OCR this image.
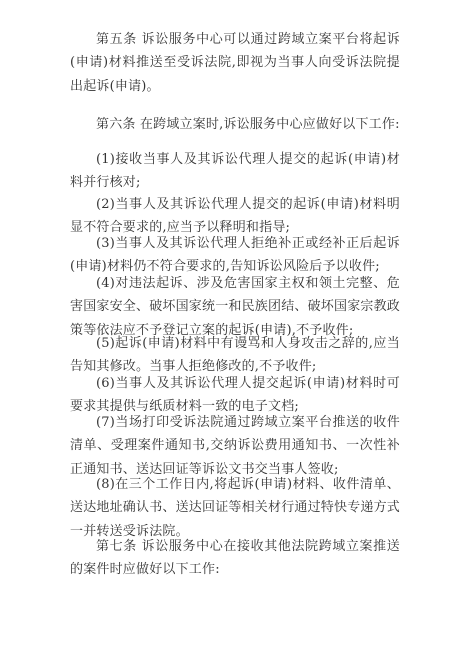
第五条 诉讼服务中心可以通过跨域立案平台将起诉(申请)材料推送至受诉法院,即视为当事人向受诉法院提出起诉(申请)。

第六条 在跨域立案时,诉讼服务中心应做好以下工作:

(1)接收当事人及其诉讼代理人提交的起诉(申请)材料并行核对;

(2)当事人及其诉讼代理人提交的起诉(申请)材料明显不符合要求的,应当予以释明和指导;

(3)当事人及其诉讼代理人拒绝补正或经补正后起诉(申请)材料仍不符合要求的,告知诉讼风险后予以收件;

(4)对违法起诉、涉及危害国家主权和领土完整、危害国家安全、破坏国家统一和民族团结、破坏国家宗教政策等依法应不予登记立案的起诉(申请),不予收件;

(5)起诉(申请)材料中有谩骂和人身攻击之辞的,应当告知其修改。当事人拒绝修改的,不予收件;

(6)当事人及其诉讼代理人提交起诉(申请)材料时可要求其提供与纸质材料一致的电子文档;

(7)当场打印受诉法院通过跨域立案平台推送的收件清单、受理案件通知书,交纳诉讼费用通知书、一次性补正通知书、送达回证等诉讼文书交当事人签收;

(8)在三个工作日内,将起诉(申请)材料、收件清单、送达地址确认书、送达回证等相关材行通过特快专递方式一并转送受诉法院。

第七条 诉讼服务中心在接收其他法院跨域立案推送的案件时应做好以下工作:
